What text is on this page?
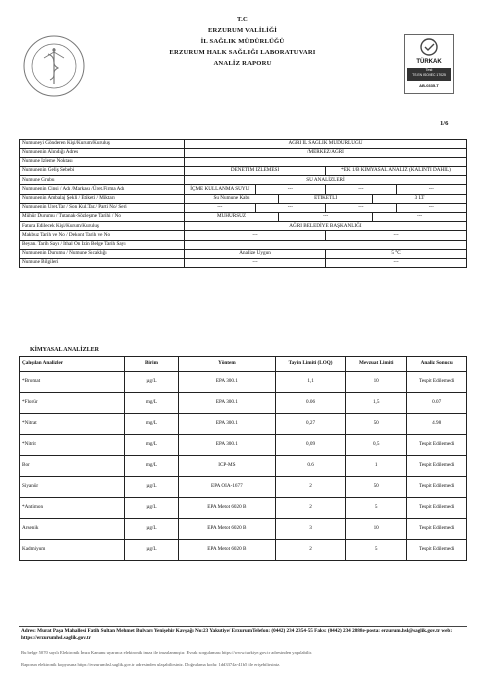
T.C
ERZURUM VALİLİĞİ
İL SAĞLIK MÜDÜRLÜĞÜ
ERZURUM HALK SAĞLIĞI LABORATUVARI
ANALİZ RAPORU	TÜRKAK
Test
TS EN ISO/IEC 17025
AB-0335-T
1/6
Numuneyi Gönderen Kişi/Kurum/Kuruluş	AĞRI İL SAĞLIK MÜDÜRLÜĞÜ											
Numunenin Alındığı Adres	/MERKEZ/AĞRI											
Numune İzleme Noktası												
Numunenin Geliş Sebebi	DENETİM İZLEMESİ						*EK 1/B KİMYASAL ANALİZ (KALINTI DAHİL)					
Numune Grubu	SU ANALİZLERİ											
Numunenin Cinsi / Adı /Markası /Üret.Firma Adı	İÇME KULLANMA SUYU			---			---			---		
Numunenin Ambalaj Şekli / Etiketi / Miktarı	Su Numune Kabı				ETİKETLİ				3 LT			
Numunenin Üret.Tar / Son Kul.Tar./ Parti No/ Seri	---			---			---			---		
Mühür Durumu / Tutanak-Sözleşme Tarihi / No	MÜHÜRSÜZ				---				---			
Fatura Edilecek Kişi/Kurum/Kuruluş	AĞRI BELEDİYE BAŞKANLIĞI											
Makbuz Tarih ve No / Dekont Tarih ve No	---						---					
Beyan. Tarih Sayı / İthal Ön İzin Belge Tarih Sayı												
Numunenin Durumu / Numune Sıcaklığı	Analize Uygun						5 °C					
Numune Bilgileri	---						---					
KİMYASAL ANALİZLER
Çalışılan Analizler	Birim	Yöntem	Tayin Limiti (LOQ)	Mevzuat Limiti	Analiz Sonucu
*Bromat	µg/L	EPA 300.1	1,1	10	Tespit Edilemedi
*Florür	mg/L	EPA 300.1	0.06	1,5	0.07
*Nitrat	mg/L	EPA 300.1	0,27	50	4.98
*Nitrit	mg/L	EPA 300.1	0,09	0,5	Tespit Edilemedi
Bor	mg/L	ICP-MS	0.6	1	Tespit Edilemedi
Siyanür	µg/L	EPA OIA-1677	2	50	Tespit Edilemedi
*Antimon	µg/L	EPA Metot 6020 B	2	5	Tespit Edilemedi
Arsenik	µg/L	EPA Metot 6020 B	3	10	Tespit Edilemedi
Kadmiyum	µg/L	EPA Metot 6020 B	2	5	Tespit Edilemedi
Adres: Murat Paşa Mahallesi Fatih Sultan Mehmet Bulvarı Yenişehir Kavşağı No:23 Yakutiye/ ErzurumTelefon: (0442) 234 2354-55 Faks: (0442) 234 2888e-posta: erzurum.hsl@saglik.gov.tr web: https://erzurumhsl.saglik.gov.tr
Bu belge 5070 sayılı Elektronik İmza Kanunu uyarınca elektronik imza ile imzalanmıştır. Evrak sorgulaması https://www.turkiye.gov.tr adresinden yapılabilir.
Raporun elektronik kopyasına https://erzurumhsl.saglik.gov.tr adresinden ulaşabilirsiniz. Doğrulama kodu: 1dd3374a-41b5 ile erişebilirsiniz.
